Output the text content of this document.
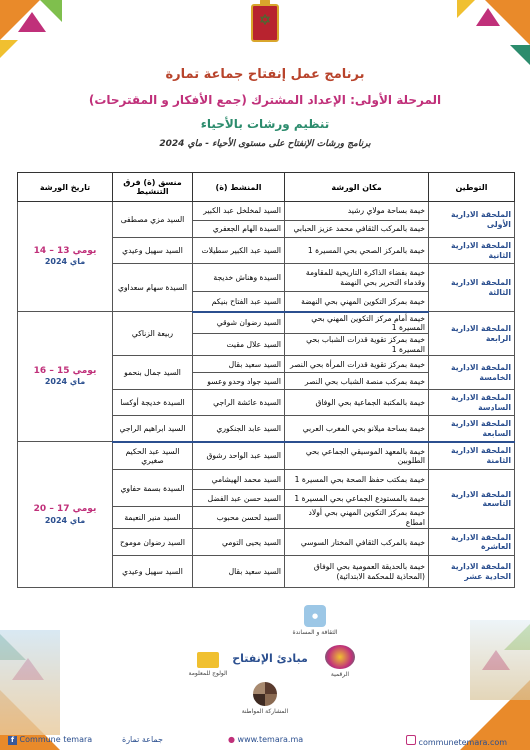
✡
برنامج عمل إنفتاح جماعة تمارة
المرحلة الأولى: الإعداد المشترك (جمع الأفكار و المقترحات)
تنظيم ورشات بالأحياء
برنامج ورشات الإنفتاح على مستوى الأحياء - ماي 2024
التوطين	مكان الورشة	المنشط (ة)	منسق (ة) فرق التنشيط	تاريخ الورشة
الملحقة الادارية الأولى	خيمة بساحة مولاي رشيد	السيد لمخلخل عبد الكبير	السيد مزي مصطفى	يومي 13 – 14
ماي 2024

	خيمة بالمركب الثقافي محمد عزيز الحبابي	السيدة الهام الجعفري		
الملحقة الادارية الثانية	خيمة بالمركز الصحي بحي المسيرة 1	السيد عبد الكبير سطيلات	السيد سهيل وعيدي	
الملحقة الادارية الثالثة	خيمة بفضاء الذاكرة التاريخية للمقاومة وقدماء التحرير بحي النهضة	السيدة وهناش خديجة	السيدة سهام سعداوي	
	خيمة بمركز التكوين المهني بحي النهضة	السيد عبد الفتاح بنيكم		
الملحقة الادارية الرابعة	خيمة أمام مركز التكوين المهني بحي المسيرة 1	السيد رضوان شوقي	ربيعة الزناكي	يومي 15 – 16
ماي 2024

	خيمة بمركز تقوية قدرات الشباب بحي المسيرة 1	السيد علال مقيت		
الملحقة الادارية الخامسة	خيمة بمركز تقوية قدرات المرأة بحي النصر	السيد سعيد بقال	السيد جمال بنحمو	
	خيمة بمركب منصة الشباب بحي النصر	السيد جواد وحدو وعسو		
الملحقة الادارية السادسة	خيمة بالمكتبة الجماعية بحي الوفاق	السيدة عائشة الراجي	السيدة خديجة أوكسا	
الملحقة الادارية السابعة	خيمة بساحة ميلانو بحي المغرب العربي	السيد عابد الجنكوري	السيد ابراهيم الراجي	
الملحقة الادارية الثامنة	خيمة بالمعهد الموسيقي الجماعي بحي الطلوبين	السيد عبد الواحد رشوق	السيد عبد الحكيم صغيري	يومي 17 – 20
ماي 2024

الملحقة الادارية التاسعة	خيمة بمكتب حفظ الصحة بحي المسيرة 1	السيد محمد الهيشامي	السيدة بسمة حفاوي	
	خيمة بالمستودع الجماعي بحي المسيرة 1	السيد حسن عبد الفضل		
	خيمة بمركز التكوين المهني بحي أولاد امطاع	السيد لحسن محبوب	السيد منير النعيمة	
الملحقة الادارية العاشرة	خيمة بالمركب الثقافي المختار السوسي	السيد يحيى التومي	السيد رضوان موموح	
الملحقة الادارية الحادية عشر	خيمة بالحديقة العمومية بحي الوفاق (المحاذية للمحكمة الابتدائية)	السيد سعيد بقال	السيد سهيل وعيدي	
●
الثقافة و المساندة
مبادئ الإنفتاح
الرقمية
الولوج للمعلومة
المشاركة المواطنة
f Commune temara	جماعة تمارة	● www.temara.ma	communetemara.com
